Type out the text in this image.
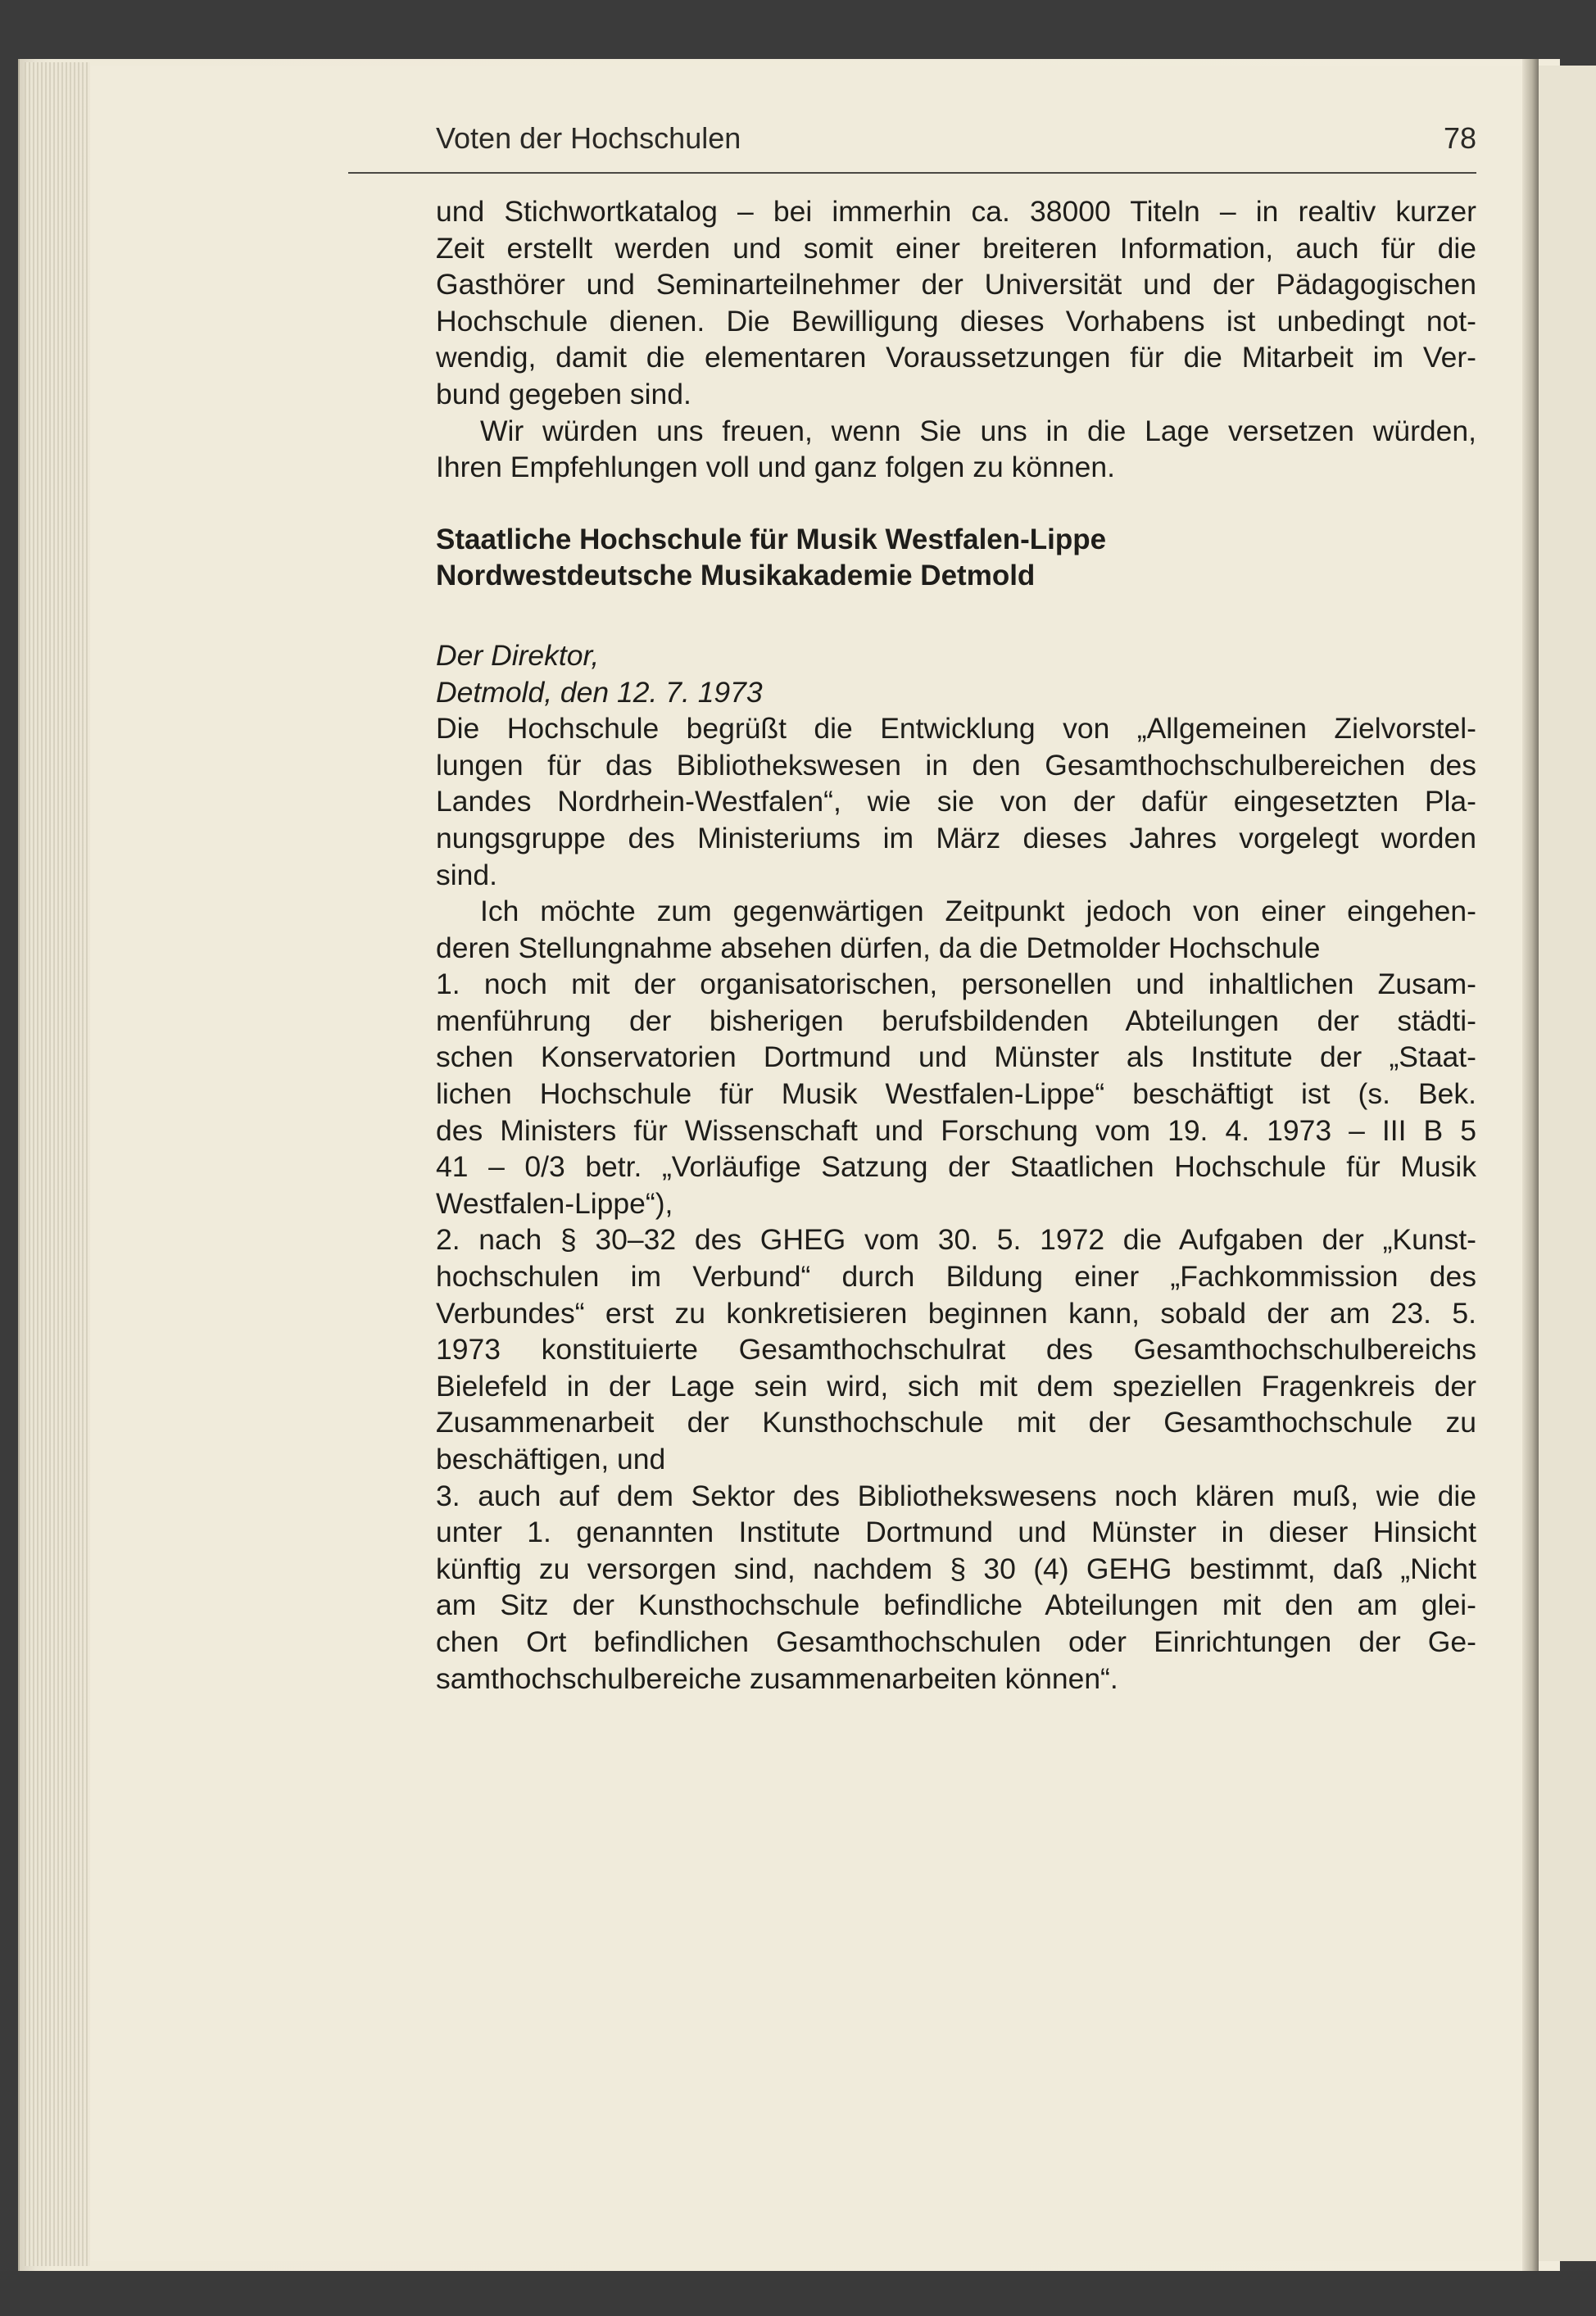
Voten der Hochschulen	78
und Stichwortkatalog – bei immerhin ca. 38000 Titeln – in realtiv kurzer
Zeit erstellt werden und somit einer breiteren Information, auch für die
Gasthörer und Seminarteilnehmer der Universität und der Pädagogischen
Hochschule dienen. Die Bewilligung dieses Vorhabens ist unbedingt not-
wendig, damit die elementaren Voraussetzungen für die Mitarbeit im Ver-
bund gegeben sind.
Wir würden uns freuen, wenn Sie uns in die Lage versetzen würden,
Ihren Empfehlungen voll und ganz folgen zu können.
Staatliche Hochschule für Musik Westfalen-Lippe
Nordwestdeutsche Musikakademie Detmold
Der Direktor,
Detmold, den 12. 7. 1973
Die Hochschule begrüßt die Entwicklung von „Allgemeinen Zielvorstel-
lungen für das Bibliothekswesen in den Gesamthochschulbereichen des
Landes Nordrhein-Westfalen“, wie sie von der dafür eingesetzten Pla-
nungsgruppe des Ministeriums im März dieses Jahres vorgelegt worden
sind.
Ich möchte zum gegenwärtigen Zeitpunkt jedoch von einer eingehen-
deren Stellungnahme absehen dürfen, da die Detmolder Hochschule
1. noch mit der organisatorischen, personellen und inhaltlichen Zusam-
menführung der bisherigen berufsbildenden Abteilungen der städti-
schen Konservatorien Dortmund und Münster als Institute der „Staat-
lichen Hochschule für Musik Westfalen-Lippe“ beschäftigt ist (s. Bek.
des Ministers für Wissenschaft und Forschung vom 19. 4. 1973 – III B 5
41 – 0/3 betr. „Vorläufige Satzung der Staatlichen Hochschule für Musik
Westfalen-Lippe“),
2. nach § 30–32 des GHEG vom 30. 5. 1972 die Aufgaben der „Kunst-
hochschulen im Verbund“ durch Bildung einer „Fachkommission des
Verbundes“ erst zu konkretisieren beginnen kann, sobald der am 23. 5.
1973 konstituierte Gesamthochschulrat des Gesamthochschulbereichs
Bielefeld in der Lage sein wird, sich mit dem speziellen Fragenkreis der
Zusammenarbeit der Kunsthochschule mit der Gesamthochschule zu
beschäftigen, und
3. auch auf dem Sektor des Bibliothekswesens noch klären muß, wie die
unter 1. genannten Institute Dortmund und Münster in dieser Hinsicht
künftig zu versorgen sind, nachdem § 30 (4) GEHG bestimmt, daß „Nicht
am Sitz der Kunsthochschule befindliche Abteilungen mit den am glei-
chen Ort befindlichen Gesamthochschulen oder Einrichtungen der Ge-
samthochschulbereiche zusammenarbeiten können“.
